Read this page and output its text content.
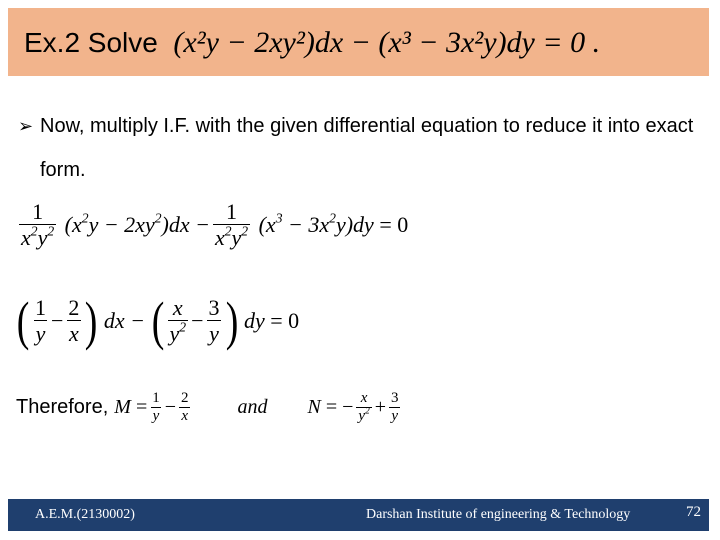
Ex.2 Solve (x²y − 2xy²)dx − (x³ − 3x²y)dy = 0 .
➢ Now, multiply I.F. with the given differential equation to reduce it into exact form.
$\frac{1}{x^2y^2} (x^2y - 2xy^2)dx - \frac{1}{x^2y^2} (x^3 - 3x^2y)dy = 0$
( $\frac{1}{y} - \frac{2}{x}$ ) dx − ( $\frac{x}{y^2} - \frac{3}{y}$ ) dy = 0
Therefore, $M = \frac{1}{y} - \frac{2}{x}$ and N = − $\frac{x}{y^2} + \frac{3}{y}$
A.E.M.(2130002)	Darshan Institute of engineering & Technology	72
